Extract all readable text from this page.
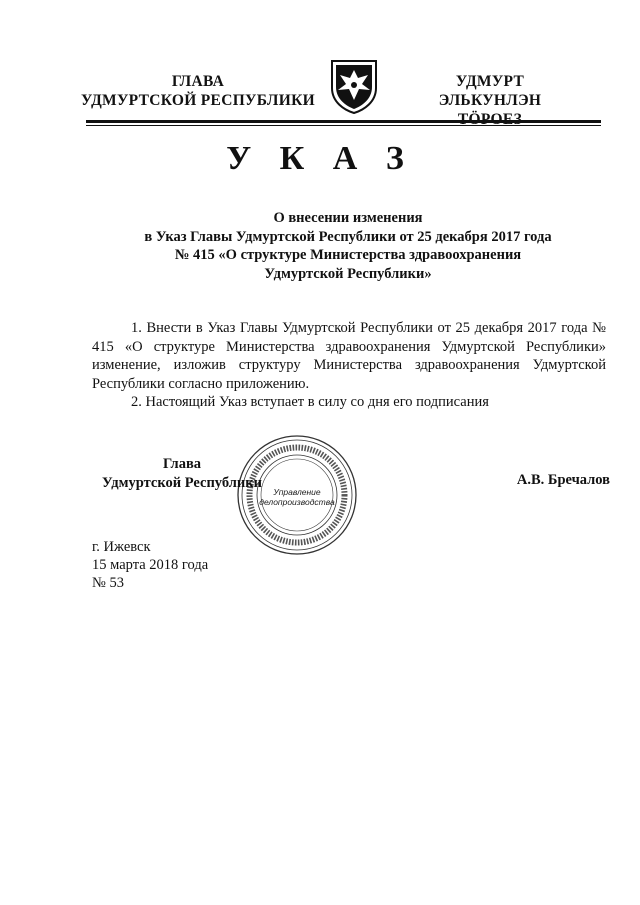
ГЛАВА
УДМУРТСКОЙ РЕСПУБЛИКИ
УДМУРТ ЭЛЬКУНЛЭН
У К А З
О внесении изменения
в Указ Главы Удмуртской Республики от 25 декабря 2017 года
№ 415 «О структуре Министерства здравоохранения
Удмуртской Республики»

1. Внести в Указ Главы Удмуртской Республики от 25 декабря 2017 года № 415 «О структуре Министерства здравоохранения Удмуртской Республики» изменение, изложив структуру Министерства здравоохранения Удмуртской Республики согласно приложению.

2. Настоящий Указ вступает в силу со дня его подписания

Управление
делопроизводства
Глава
Удмуртской Республики	А.В. Бречалов
г. Ижевск
15 марта 2018 года
№ 53
